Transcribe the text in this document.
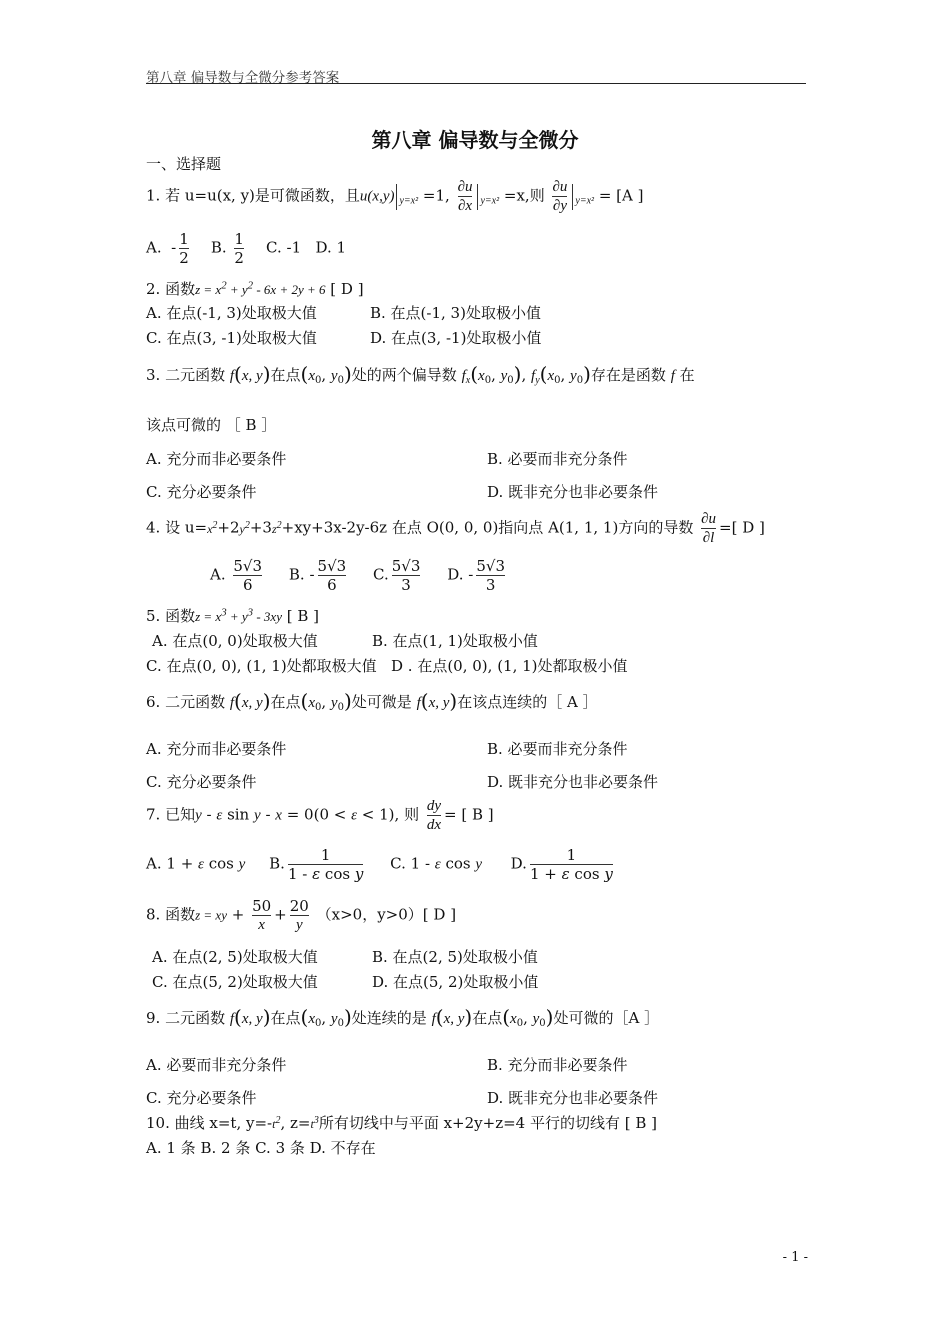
第八章 偏导数与全微分参考答案
第八章 偏导数与全微分
一、选择题
1. 若 u=u(x, y)是可微函数，且u(x,y) $_{y=x^2}$ =1, $\frac{\partial u}{\partial x} _{y=x^2} =x$,则 $\frac{\partial u}{\partial y} _{y=x^2} = [A$ ]
A.  - $\frac{1}{2} B$. $\frac{1}{2} C$. -1 D. 1
2. 函数$z = x^2 + y^2 - 6x + 2y + 6$ [ D ]
A. 在点(-1, 3)处取极大值	B. 在点(-1, 3)处取极小值
C. 在点(3, -1)处取极大值	D. 在点(3, -1)处取极小值
3. 二元函数 f(x, y)在点($x_0$, $y_0$)处的两个偏导数 $f_x(x_0$, $y_0$), $f_y(x_0$, $y_0$)存在是函数 f 在
该点可微的 ［ B ］
A. 充分而非必要条件	B. 必要而非充分条件
C. 充分必要条件	D. 既非充分也非必要条件
4. 设 $u=x^2+2y^2+3z^2+xy+3x-2y-6z$ 在点 O(0, 0, 0)指向点 A(1, 1, 1)方向的导数 $\frac{\partial u}{\partial l}$ =[ D ]
A. $\frac{5√3}{6} B$. - $\frac{5√3}{6} C$. $\frac{5√3}{3} D$. - $\frac{5√3}{3}$
5. 函数$z = x^3 + y^3 - 3xy$ [ B ]
A. 在点(0, 0)处取极大值	B. 在点(1, 1)处取极小值
C. 在点(0, 0), (1, 1)处都取极大值 D . 在点(0, 0), (1, 1)处都取极小值
6. 二元函数 f(x, y)在点($x_0$, $y_0$)处可微是 f(x, y)在该点连续的［ A ］
A. 充分而非必要条件	B. 必要而非充分条件
C. 充分必要条件	D. 既非充分也非必要条件
7. 已知y - ε sin y - x = 0(0 < ε < 1), 则 $\frac{dy}{dx}$ = [ B ]
A. 1 + ε cos y B. $\frac{1}{\text{1 - ε cos y}} C$. 1 - ε cos y D. $\frac{1}{\text{1 + ε cos y}}$
8. 函数z = xy + $\frac{50}{x} + \frac{20}{y} (x>0$，y>0）[ D ]
A. 在点(2, 5)处取极大值	B. 在点(2, 5)处取极小值
C. 在点(5, 2)处取极大值	D. 在点(5, 2)处取极小值
9. 二元函数 f(x, y)在点($x_0$, $y_0$)处连续的是 f(x, y)在点($x_0$, $y_0$)处可微的［A ］
A. 必要而非充分条件	B. 充分而非必要条件
C. 充分必要条件	D. 既非充分也非必要条件
10. 曲线 x=t, $y=-t^2$, $z=t^3$所有切线中与平面 x+2y+z=4 平行的切线有 [ B ]
A. 1 条 B. 2 条 C. 3 条 D. 不存在
- 1 -
